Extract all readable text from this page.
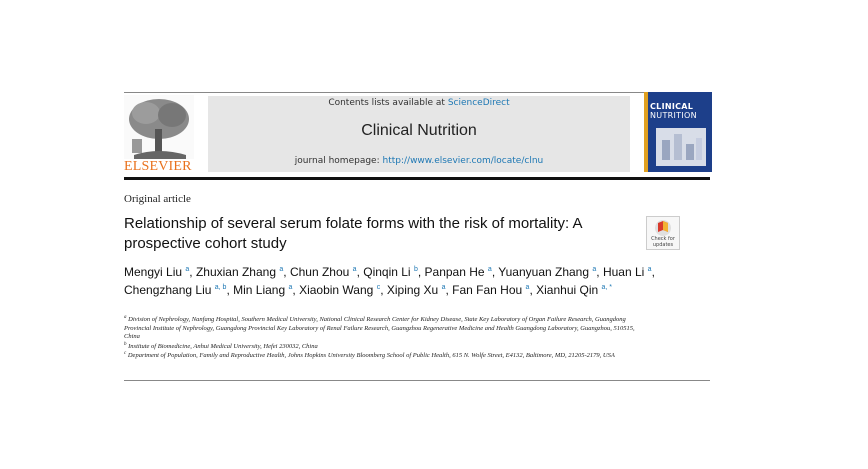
ELSEVIER
Contents lists available at ScienceDirect
Clinical Nutrition
journal homepage: http://www.elsevier.com/locate/clnu
CLINICAL
NUTRITION
Original article
Relationship of several serum folate forms with the risk of mortality: A prospective cohort study	Check for updates
Mengyi Liu $^a$, Zhuxian Zhang $^a$, Chun Zhou $^a$, Qinqin Li $^b$, Panpan He $^a$, Yuanyuan Zhang $^a$, Huan Li $^a$, Chengzhang Liu $^{a, b}$, Min Liang $^a$, Xiaobin Wang $^c$, Xiping Xu $^a$, Fan Fan Hou $^a$, Xianhui Qin $^{a, *}$
$^a$ Division of Nephrology, Nanfang Hospital, Southern Medical University, National Clinical Research Center for Kidney Disease, State Key Laboratory of Organ Failure Research, Guangdong Provincial Institute of Nephrology, Guangdong Provincial Key Laboratory of Renal Failure Research, Guangzhou Regenerative Medicine and Health Guangdong Laboratory, Guangzhou, 510515, China
$^b$ Institute of Biomedicine, Anhui Medical University, Hefei 230032, China
$^c$ Department of Population, Family and Reproductive Health, Johns Hopkins University Bloomberg School of Public Health, 615 N. Wolfe Street, E4132, Baltimore, MD, 21205-2179, USA
